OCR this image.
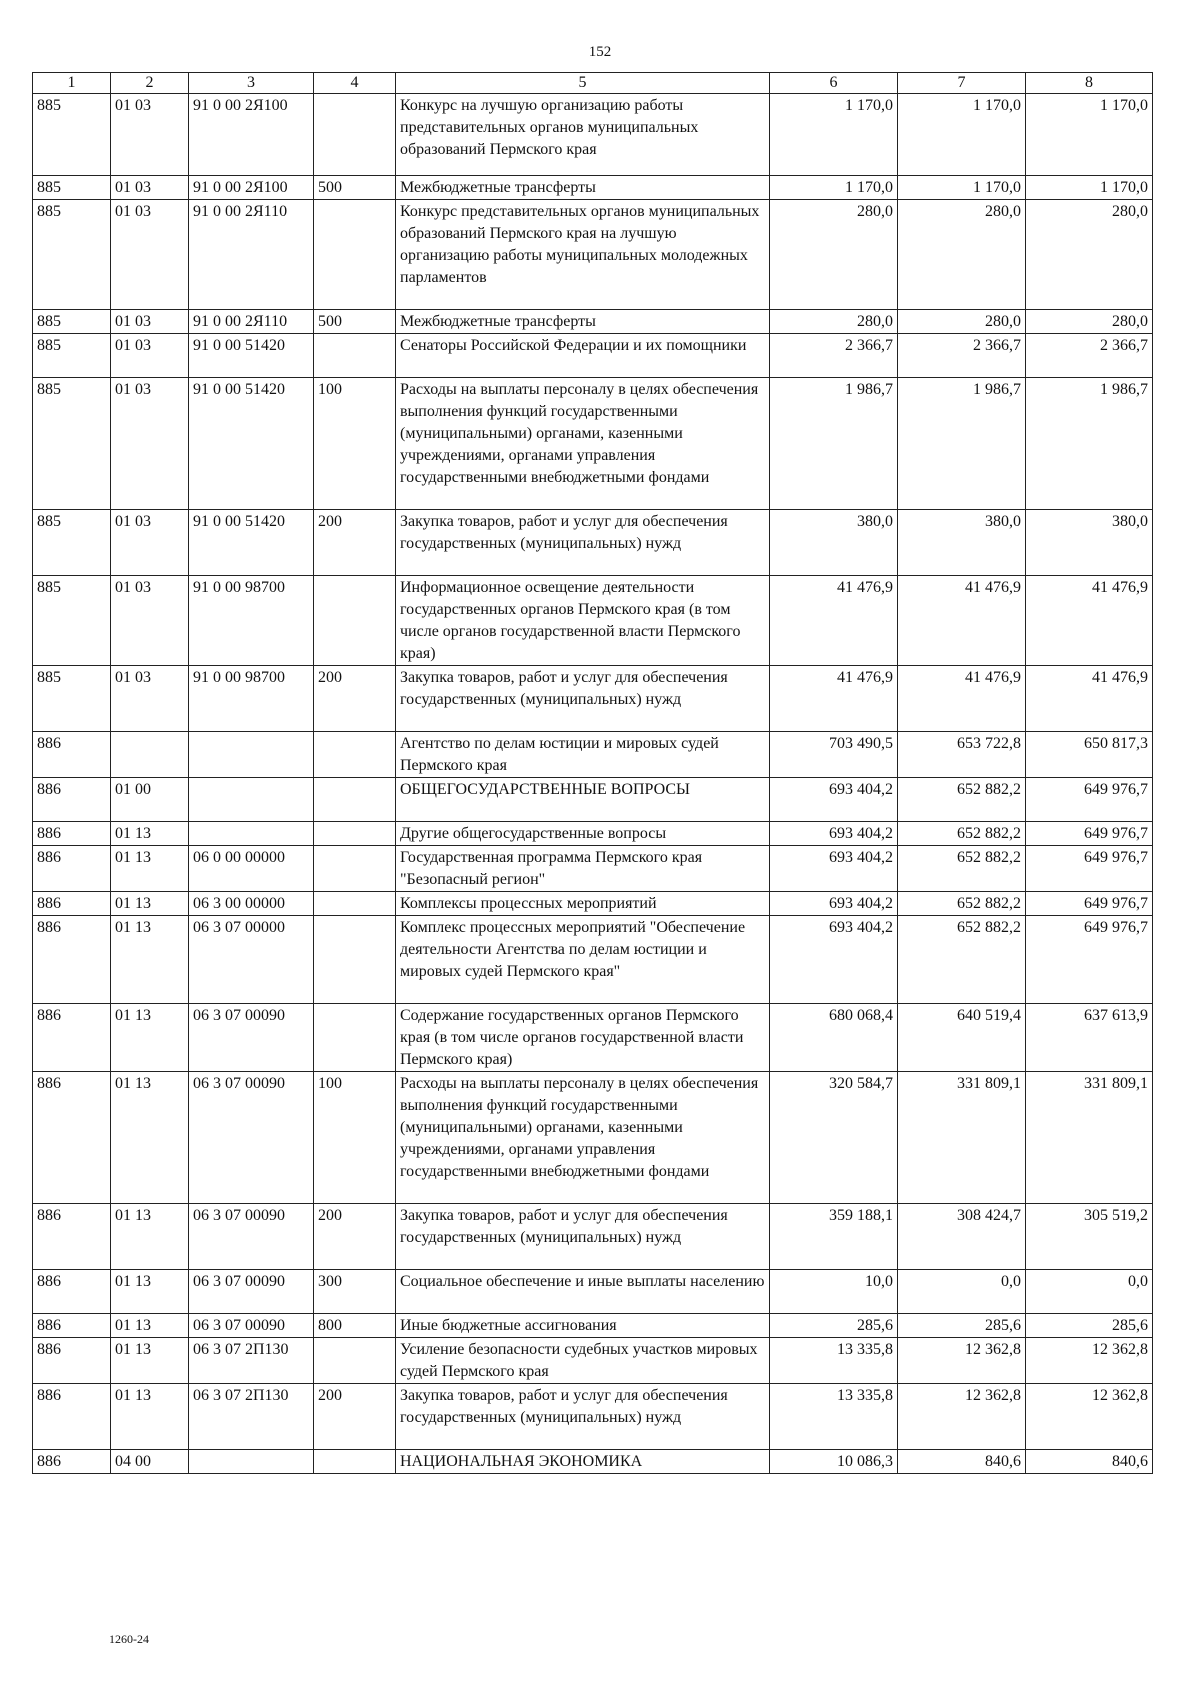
152
1	2	3	4	5	6	7	8
885	01 03	91 0 00 2Я100		Конкурс на лучшую организацию работы представительных органов муниципальных образований Пермского края	1 170,0	1 170,0	1 170,0
885	01 03	91 0 00 2Я100	500	Межбюджетные трансферты	1 170,0	1 170,0	1 170,0
885	01 03	91 0 00 2Я110		Конкурс представительных органов муниципальных образований Пермского края на лучшую организацию работы муниципальных молодежных парламентов	280,0	280,0	280,0
885	01 03	91 0 00 2Я110	500	Межбюджетные трансферты	280,0	280,0	280,0
885	01 03	91 0 00 51420		Сенаторы Российской Федерации и их помощники	2 366,7	2 366,7	2 366,7
885	01 03	91 0 00 51420	100	Расходы на выплаты персоналу в целях обеспечения выполнения функций государственными (муниципальными) органами, казенными учреждениями, органами управления государственными внебюджетными фондами	1 986,7	1 986,7	1 986,7
885	01 03	91 0 00 51420	200	Закупка товаров, работ и услуг для обеспечения государственных (муниципальных) нужд	380,0	380,0	380,0
885	01 03	91 0 00 98700		Информационное освещение деятельности государственных органов Пермского края (в том числе органов государственной власти Пермского края)	41 476,9	41 476,9	41 476,9
885	01 03	91 0 00 98700	200	Закупка товаров, работ и услуг для обеспечения государственных (муниципальных) нужд	41 476,9	41 476,9	41 476,9
886				Агентство по делам юстиции и мировых судей Пермского края	703 490,5	653 722,8	650 817,3
886	01 00			ОБЩЕГОСУДАРСТВЕННЫЕ ВОПРОСЫ	693 404,2	652 882,2	649 976,7
886	01 13			Другие общегосударственные вопросы	693 404,2	652 882,2	649 976,7
886	01 13	06 0 00 00000		Государственная программа Пермского края "Безопасный регион"	693 404,2	652 882,2	649 976,7
886	01 13	06 3 00 00000		Комплексы процессных мероприятий	693 404,2	652 882,2	649 976,7
886	01 13	06 3 07 00000		Комплекс процессных мероприятий "Обеспечение деятельности Агентства по делам юстиции и мировых судей Пермского края"	693 404,2	652 882,2	649 976,7
886	01 13	06 3 07 00090		Содержание государственных органов Пермского края (в том числе органов государственной власти Пермского края)	680 068,4	640 519,4	637 613,9
886	01 13	06 3 07 00090	100	Расходы на выплаты персоналу в целях обеспечения выполнения функций государственными (муниципальными) органами, казенными учреждениями, органами управления государственными внебюджетными фондами	320 584,7	331 809,1	331 809,1
886	01 13	06 3 07 00090	200	Закупка товаров, работ и услуг для обеспечения государственных (муниципальных) нужд	359 188,1	308 424,7	305 519,2
886	01 13	06 3 07 00090	300	Социальное обеспечение и иные выплаты населению	10,0	0,0	0,0
886	01 13	06 3 07 00090	800	Иные бюджетные ассигнования	285,6	285,6	285,6
886	01 13	06 3 07 2П130		Усиление безопасности судебных участков мировых судей Пермского края	13 335,8	12 362,8	12 362,8
886	01 13	06 3 07 2П130	200	Закупка товаров, работ и услуг для обеспечения государственных (муниципальных) нужд	13 335,8	12 362,8	12 362,8
886	04 00			НАЦИОНАЛЬНАЯ ЭКОНОМИКА	10 086,3	840,6	840,6
1260-24
